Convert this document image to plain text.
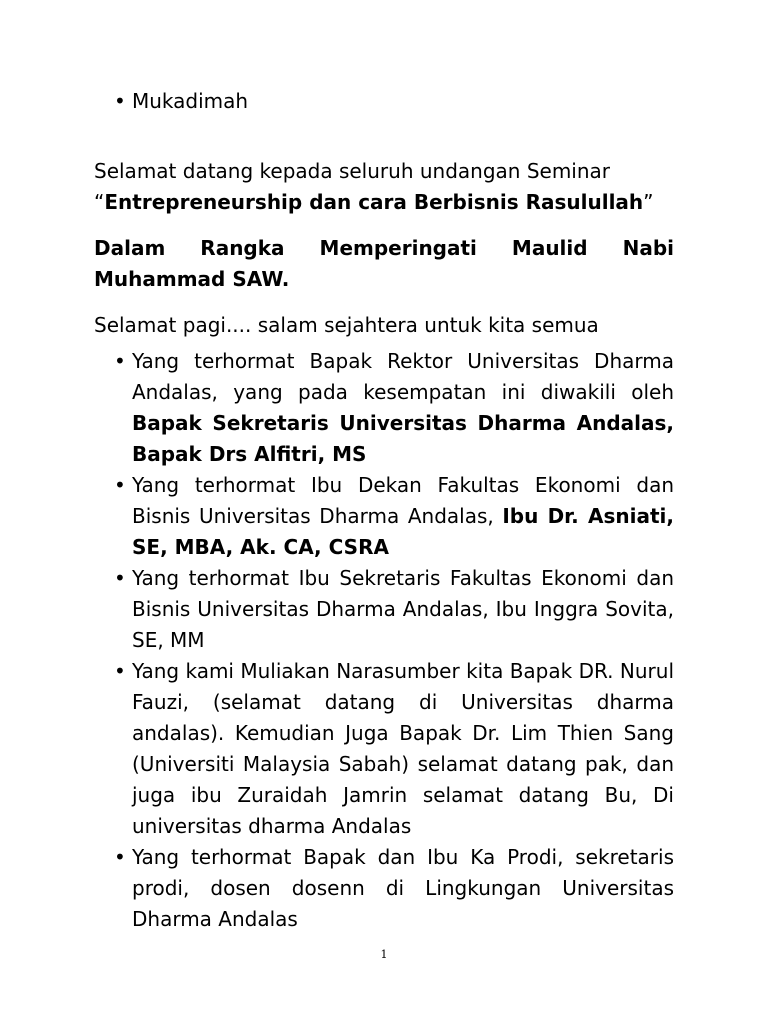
• Mukadimah

Selamat datang kepada seluruh undangan Seminar
“Entrepreneurship dan cara Berbisnis Rasulullah”

Dalam Rangka Memperingati Maulid Nabi
Muhammad SAW.

Selamat pagi.... salam sejahtera untuk kita semua

• Yang terhormat Bapak Rektor Universitas Dharma Andalas, yang pada kesempatan ini diwakili oleh Bapak Sekretaris Universitas Dharma Andalas, Bapak Drs Alfitri, MS
• Yang terhormat Ibu Dekan Fakultas Ekonomi dan Bisnis Universitas Dharma Andalas, Ibu Dr. Asniati, SE, MBA, Ak. CA, CSRA
• Yang terhormat Ibu Sekretaris Fakultas Ekonomi dan Bisnis Universitas Dharma Andalas, Ibu Inggra Sovita, SE, MM
• Yang kami Muliakan Narasumber kita Bapak DR. Nurul Fauzi, (selamat datang di Universitas dharma andalas). Kemudian Juga Bapak Dr. Lim Thien Sang (Universiti Malaysia Sabah) selamat datang pak, dan juga ibu Zuraidah Jamrin selamat datang Bu, Di universitas dharma Andalas
• Yang terhormat Bapak dan Ibu Ka Prodi, sekretaris prodi, dosen dosenn di Lingkungan Universitas Dharma Andalas
1
